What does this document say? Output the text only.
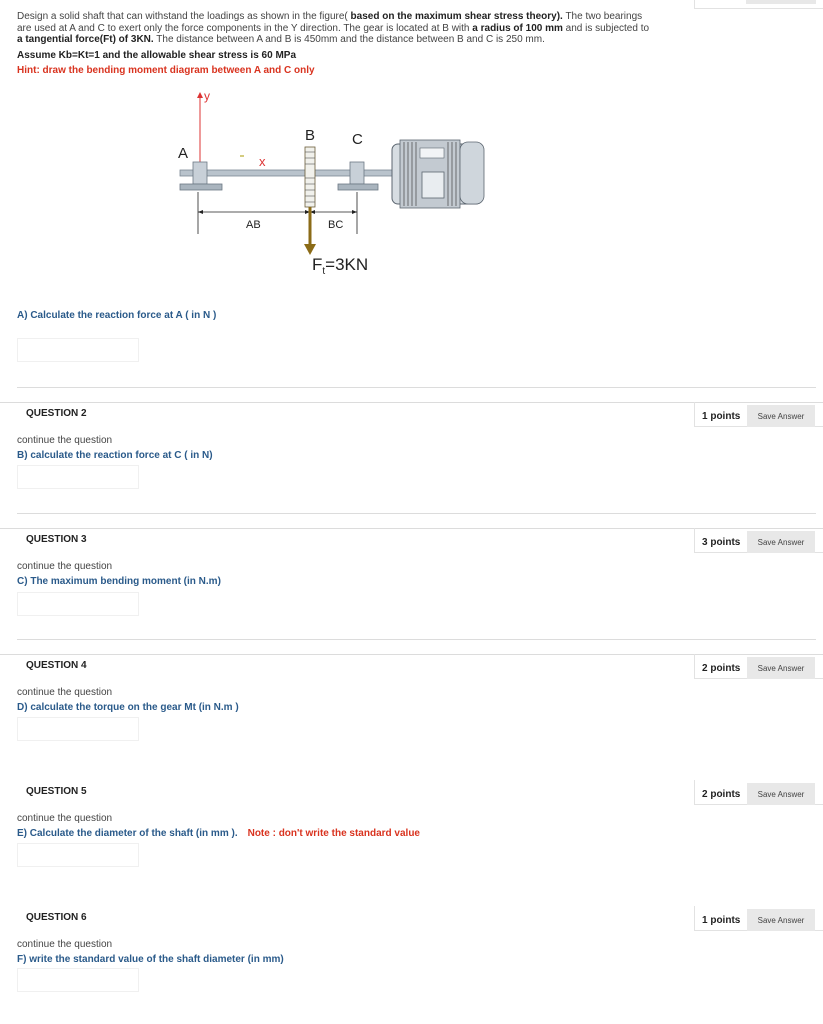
Design a solid shaft that can withstand the loadings as shown in the figure( based on the maximum shear stress theory). The two bearings are used at A and C to exert only the force components in the Y direction. The gear is located at B with a radius of 100 mm and is subjected to a tangential force(Ft) of 3KN. The distance between A and B is 450mm and the distance between B and C is 250 mm.
Assume Kb=Kt=1 and the allowable shear stress is 60 MPa
Hint: draw the bending moment diagram between A and C only
y
x
A
B C
AB	BC
$F_t=3KN$
A) Calculate the reaction force at A ( in N )
QUESTION 2	1 points	Save Answer
continue the question
B) calculate the reaction force at C ( in N)
QUESTION 3	3 points	Save Answer
continue the question
C) The maximum bending moment (in N.m)
QUESTION 4	2 points	Save Answer
continue the question
D) calculate the torque on the gear Mt (in N.m )
QUESTION 5	2 points	Save Answer
continue the question
E) Calculate the diameter of the shaft (in mm ). Note : don't write the standard value
QUESTION 6	1 points	Save Answer
continue the question
F) write the standard value of the shaft diameter (in mm)
